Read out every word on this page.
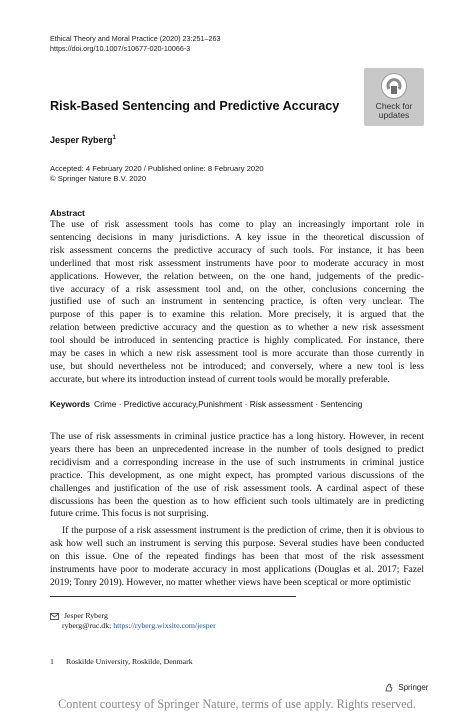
Ethical Theory and Moral Practice (2020) 23:251–263
https://doi.org/10.1007/s10677-020-10066-3
Risk-Based Sentencing and Predictive Accuracy	Check for
updates
Jesper Ryberg$^1$
Accepted: 4 February 2020 / Published online: 8 February 2020
© Springer Nature B.V. 2020
Abstract
The use of risk assessment tools has come to play an increasingly important role in
sentencing decisions in many jurisdictions. A key issue in the theoretical discussion of
risk assessment concerns the predictive accuracy of such tools. For instance, it has been
underlined that most risk assessment instruments have poor to moderate accuracy in most
applications. However, the relation between, on the one hand, judgements of the predic-
tive accuracy of a risk assessment tool and, on the other, conclusions concerning the
justified use of such an instrument in sentencing practice, is often very unclear. The
purpose of this paper is to examine this relation. More precisely, it is argued that the
relation between predictive accuracy and the question as to whether a new risk assessment
tool should be introduced in sentencing practice is highly complicated. For instance, there
may be cases in which a new risk assessment tool is more accurate than those currently in
use, but should nevertheless not be introduced; and conversely, where a new tool is less
accurate, but where its introduction instead of current tools would be morally preferable.
Keywords Crime · Predictive accuracy,Punishment · Risk assessment · Sentencing
The use of risk assessments in criminal justice practice has a long history. However, in recent
years there has been an unprecedented increase in the number of tools designed to predict
recidivism and a corresponding increase in the use of such instruments in criminal justice
practice. This development, as one might expect, has prompted various discussions of the
challenges and justification of the use of risk assessment tools. A cardinal aspect of these
discussions has been the question as to how efficient such tools ultimately are in predicting
future crime. This focus is not surprising.
If the purpose of a risk assessment instrument is the prediction of crime, then it is obvious to
ask how well such an instrument is serving this purpose. Several studies have been conducted
on this issue. One of the repeated findings has been that most of the risk assessment
instruments have poor to moderate accuracy in most applications (Douglas et al. 2017; Fazel
2019; Tonry 2019). However, no matter whether views have been sceptical or more optimistic
Jesper Ryberg
ryberg@ruc.dk; https://ryberg.wixsite.com/jesper
1 Roskilde University, Roskilde, Denmark
Springer
Content courtesy of Springer Nature, terms of use apply. Rights reserved.
